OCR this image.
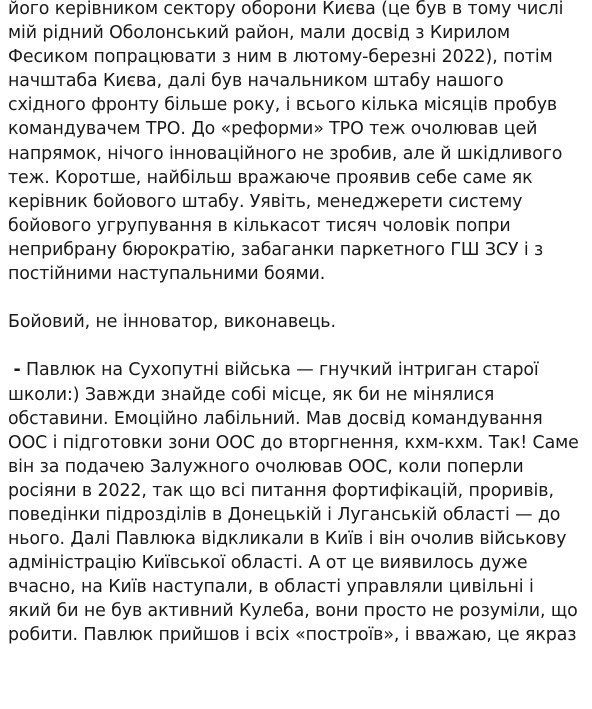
його керівником сектору оборони Києва (це був в тому числі
мій рідний Оболонський район, мали досвід з Кирилом
Фесиком попрацювати з ним в лютому-березні 2022), потім
начштаба Києва, далі був начальником штабу нашого
східного фронту більше року, і всього кілька місяців пробув
командувачем ТРО. До «реформи» ТРО теж очолював цей
напрямок, нічого інноваційного не зробив, але й шкідливого
теж. Коротше, найбільш вражаюче проявив себе саме як
керівник бойового штабу. Уявіть, менеджерети систему
бойового угрупування в кількасот тисяч чоловік попри
неприбрану бюрократію, забаганки паркетного ГШ ЗСУ і з
постійними наступальними боями.
Бойовий, не інноватор, виконавець.
- Павлюк на Сухопутні війська — гнучкий інтриган старої
школи:) Завжди знайде собі місце, як би не мінялися
обставини. Емоційно лабільний. Мав досвід командування
ООС і підготовки зони ООС до вторгнення, кхм-кхм. Так! Саме
він за подачею Залужного очолював ООС, коли поперли
росіяни в 2022, так що всі питання фортифікацій, проривів,
поведінки підрозділів в Донецькій і Луганській області — до
нього. Далі Павлюка відкликали в Київ і він очолив військову
адміністрацію Київської області. А от це виявилось дуже
вчасно, на Київ наступали, в області управляли цивільні і
який би не був активний Кулеба, вони просто не розуміли, що
робити. Павлюк прийшов і всіх «построїв», і вважаю, це якраз
